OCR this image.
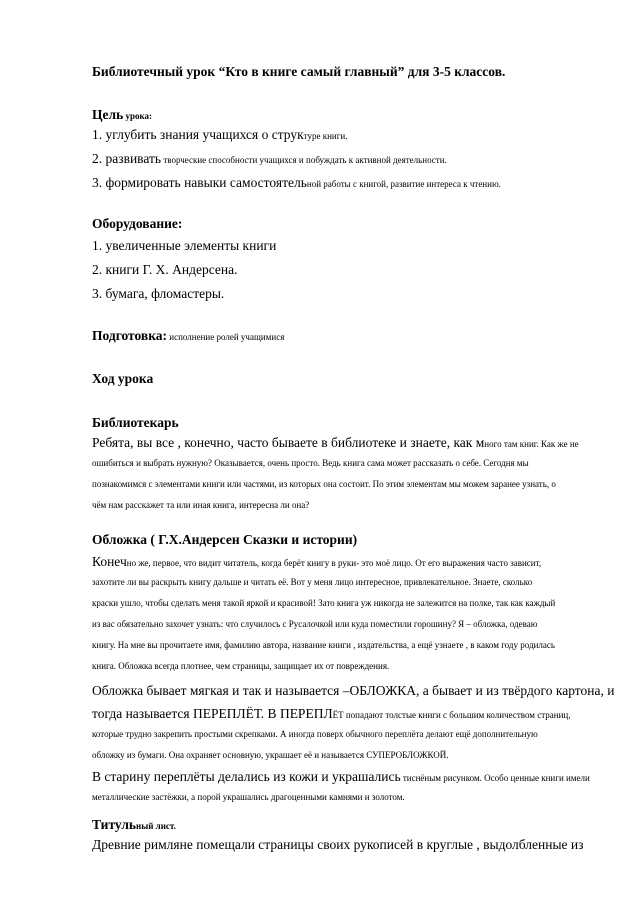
Библиотечный урок “Кто в книге самый главный” для 3-5 классов.
Цель урока:
1. углубить знания учащихся о структуре книги.
2. развивать творческие способности учащихся и побуждать к активной деятельности.
3. формировать навыки самостоятельной работы с книгой, развитие интереса к чтению.
Оборудование:
1. увеличенные элементы книги
2. книги Г. Х. Андерсена.
3. бумага, фломастеры.
Подготовка: исполнение ролей учащимися
Ход урока
Библиотекарь
Ребята, вы все , конечно, часто бываете в библиотеке и знаете, как много там книг. Как же не
ошибиться и выбрать нужную? Оказывается, очень просто. Ведь книга сама может рассказать о себе. Сегодня мы
познакомимся с элементами книги или частями, из которых она состоит. По этим элементам мы можем заранее узнать, о
чём нам расскажет та или иная книга, интересна ли она?
Обложка ( Г.Х.Андерсен Сказки и истории)
Конечно же, первое, что видит читатель, когда берёт книгу в руки- это моё лицо. От его выражения часто зависит,
захотите ли вы раскрыть книгу дальше и читать её. Вот у меня лицо интересное, привлекательное. Знаете, сколько
краски ушло, чтобы сделать меня такой яркой и красивой! Зато книга уж никогда не залежится на полке, так как каждый
из вас обязательно захочет узнать: что случилось с Русалочкой или куда поместили горошину? Я – обложка, одеваю
книгу. На мне вы прочитаете имя, фамилию автора, название книги , издательства, а ещё узнаете , в каком году родилась
книга. Обложка всегда плотнее, чем страницы, защищает их от повреждения.
Обложка бывает мягкая и так и называется –ОБЛОЖКА, а бывает и из твёрдого картона, и
тогда называется ПЕРЕПЛЁТ. В ПЕРЕПЛЁТ попадают толстые книги с большим количеством страниц,
которые трудно закрепить простыми скрепками. А иногда поверх обычного переплёта делают ещё дополнительную
обложку из бумаги. Она охраняет основную, украшает её и называется СУПЕРОБЛОЖКОЙ.
В старину переплёты делались из кожи и украшались тиснёным рисунком. Особо ценные книги имели
металлические застёжки, а порой украшались драгоценными камнями и золотом.
Титульный лист.
Древние римляне помещали страницы своих рукописей в круглые , выдолбленные из
